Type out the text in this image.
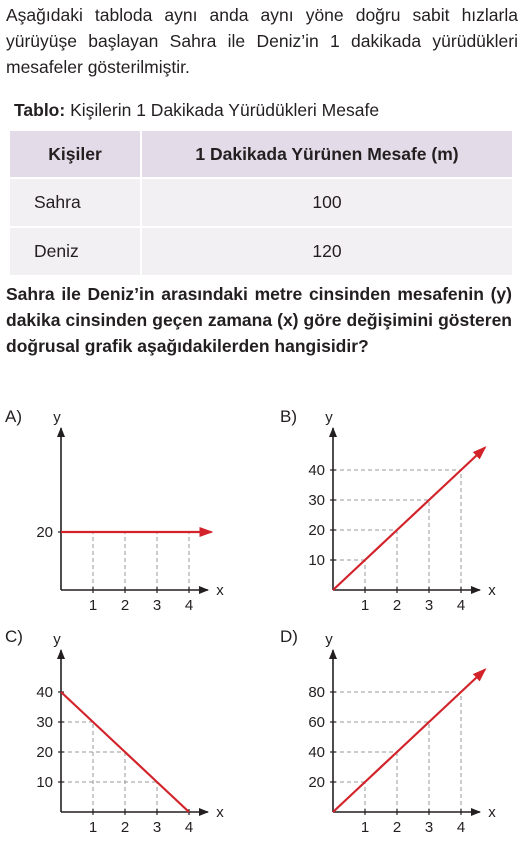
Aşağıdaki tabloda aynı anda aynı yöne doğru sabit hızlarla yürüyüşe başlayan Sahra ile Deniz’in 1 dakikada yürüdükleri mesafeler gösterilmiştir.
Tablo: Kişilerin 1 Dakikada Yürüdükleri Mesafe
Kişiler	1 Dakikada Yürünen Mesafe (m)
Sahra	100
Deniz	120
Sahra ile Deniz’in arasındaki metre cinsinden mesafenin (y) dakika cinsinden geçen zamana (x) göre değişimini gösteren doğrusal grafik aşağıdakilerden hangisidir?
A)	B)
C)	D)
y
x
1 2 3 4
20
y
x
1 2 3 4
10
20
30
40
y
x
1 2 3 4
10
20
30
40
y
x
1 2 3 4
20
40
60
80
